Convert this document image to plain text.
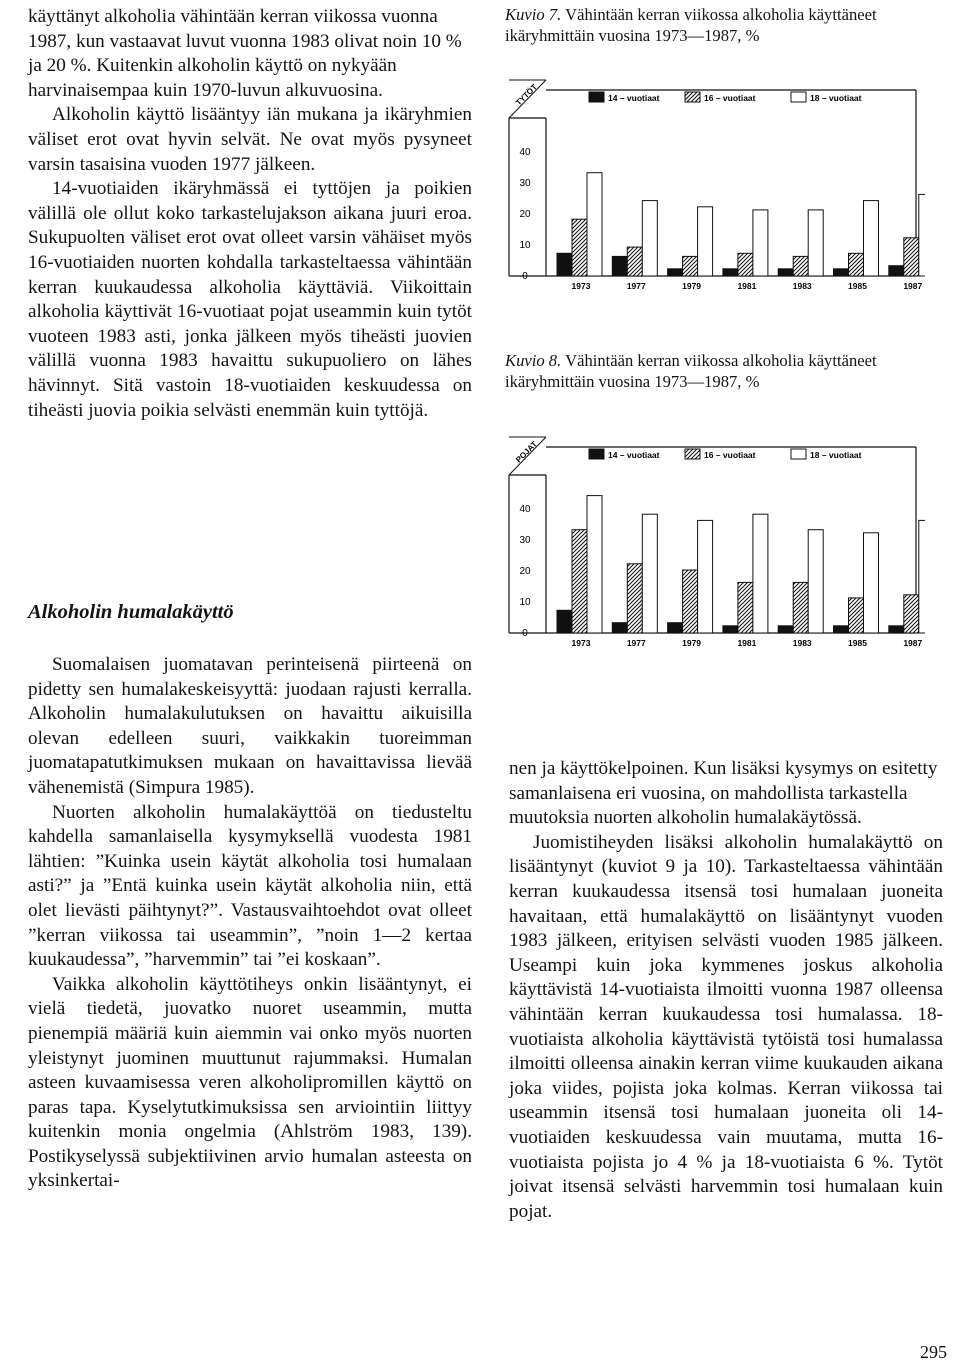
käyttänyt alkoholia vähintään kerran viikossa vuonna 1987, kun vastaavat luvut vuonna 1983 olivat noin 10 % ja 20 %. Kuitenkin alkoholin käyttö on nykyään harvinaisempaa kuin 1970-luvun alkuvuosina.

Alkoholin käyttö lisääntyy iän mukana ja ikäryhmien väliset erot ovat hyvin selvät. Ne ovat myös pysyneet varsin tasaisina vuoden 1977 jälkeen.

14-vuotiaiden ikäryhmässä ei tyttöjen ja poikien välillä ole ollut koko tarkastelujakson aikana juuri eroa. Sukupuolten väliset erot ovat olleet varsin vähäiset myös 16-vuotiaiden nuorten kohdalla tarkasteltaessa vähintään kerran kuukaudessa alkoholia käyttäviä. Viikoittain alkoholia käyttivät 16-vuotiaat pojat useammin kuin tytöt vuoteen 1983 asti, jonka jälkeen myös tiheästi juovien välillä vuonna 1983 havaittu sukupuoliero on lähes hävinnyt. Sitä vastoin 18-vuotiaiden keskuudessa on tiheästi juovia poikia selvästi enemmän kuin tyttöjä.

Alkoholin humalakäyttö

Suomalaisen juomatavan perinteisenä piirteenä on pidetty sen humalakeskeisyyttä: juodaan rajusti kerralla. Alkoholin humalakulutuksen on havaittu aikuisilla olevan edelleen suuri, vaikkakin tuoreimman juomatapatutkimuksen mukaan on havaittavissa lievää vähenemistä (Simpura 1985).

Nuorten alkoholin humalakäyttöä on tiedusteltu kahdella samanlaisella kysymyksellä vuodesta 1981 lähtien: ”Kuinka usein käytät alkoholia tosi humalaan asti?” ja ”Entä kuinka usein käytät alkoholia niin, että olet lievästi päihtynyt?”. Vastausvaihtoehdot ovat olleet ”kerran viikossa tai useammin”, ”noin 1—2 kertaa kuukaudessa”, ”harvemmin” tai ”ei koskaan”.

Vaikka alkoholin käyttötiheys onkin lisääntynyt, ei vielä tiedetä, juovatko nuoret useammin, mutta pienempiä määriä kuin aiemmin vai onko myös nuorten yleistynyt juominen muuttunut rajummaksi. Humalan asteen kuvaamisessa veren alkoholipromillen käyttö on paras tapa. Kyselytutkimuksissa sen arviointiin liittyy kuitenkin monia ongelmia (Ahlström 1983, 139). Postikyselyssä subjektiivinen arvio humalan asteesta on yksinkertai-

Kuvio 7. Vähintään kerran viikossa alkoholia käyttäneet ikäryhmittäin vuosina 1973—1987, %

TYTÖT
0
10
20
30
40
14 – vuotiaat	16 – vuotiaat	18 – vuotiaat
1973	1977	1979	1981	1983	1985	1987

Kuvio 8. Vähintään kerran viikossa alkoholia käyttäneet ikäryhmittäin vuosina 1973—1987, %

POJAT
0
10
20
30
40
14 – vuotiaat	16 – vuotiaat	18 – vuotiaat
1973	1977	1979	1981	1983	1985	1987

nen ja käyttökelpoinen. Kun lisäksi kysymys on esitetty samanlaisena eri vuosina, on mahdollista tarkastella muutoksia nuorten alkoholin humalakäytössä.

Juomistiheyden lisäksi alkoholin humalakäyttö on lisääntynyt (kuviot 9 ja 10). Tarkasteltaessa vähintään kerran kuukaudessa itsensä tosi humalaan juoneita havaitaan, että humalakäyttö on lisääntynyt vuoden 1983 jälkeen, erityisen selvästi vuoden 1985 jälkeen. Useampi kuin joka kymmenes joskus alkoholia käyttävistä 14-vuotiaista ilmoitti vuonna 1987 olleensa vähintään kerran kuukaudessa tosi humalassa. 18-vuotiaista alkoholia käyttävistä tytöistä tosi humalassa ilmoitti olleensa ainakin kerran viime kuukauden aikana joka viides, pojista joka kolmas. Kerran viikossa tai useammin itsensä tosi humalaan juoneita oli 14-vuotiaiden keskuudessa vain muutama, mutta 16-vuotiaista pojista jo 4 % ja 18-vuotiaista 6 %. Tytöt joivat itsensä selvästi harvemmin tosi humalaan kuin pojat.

295
